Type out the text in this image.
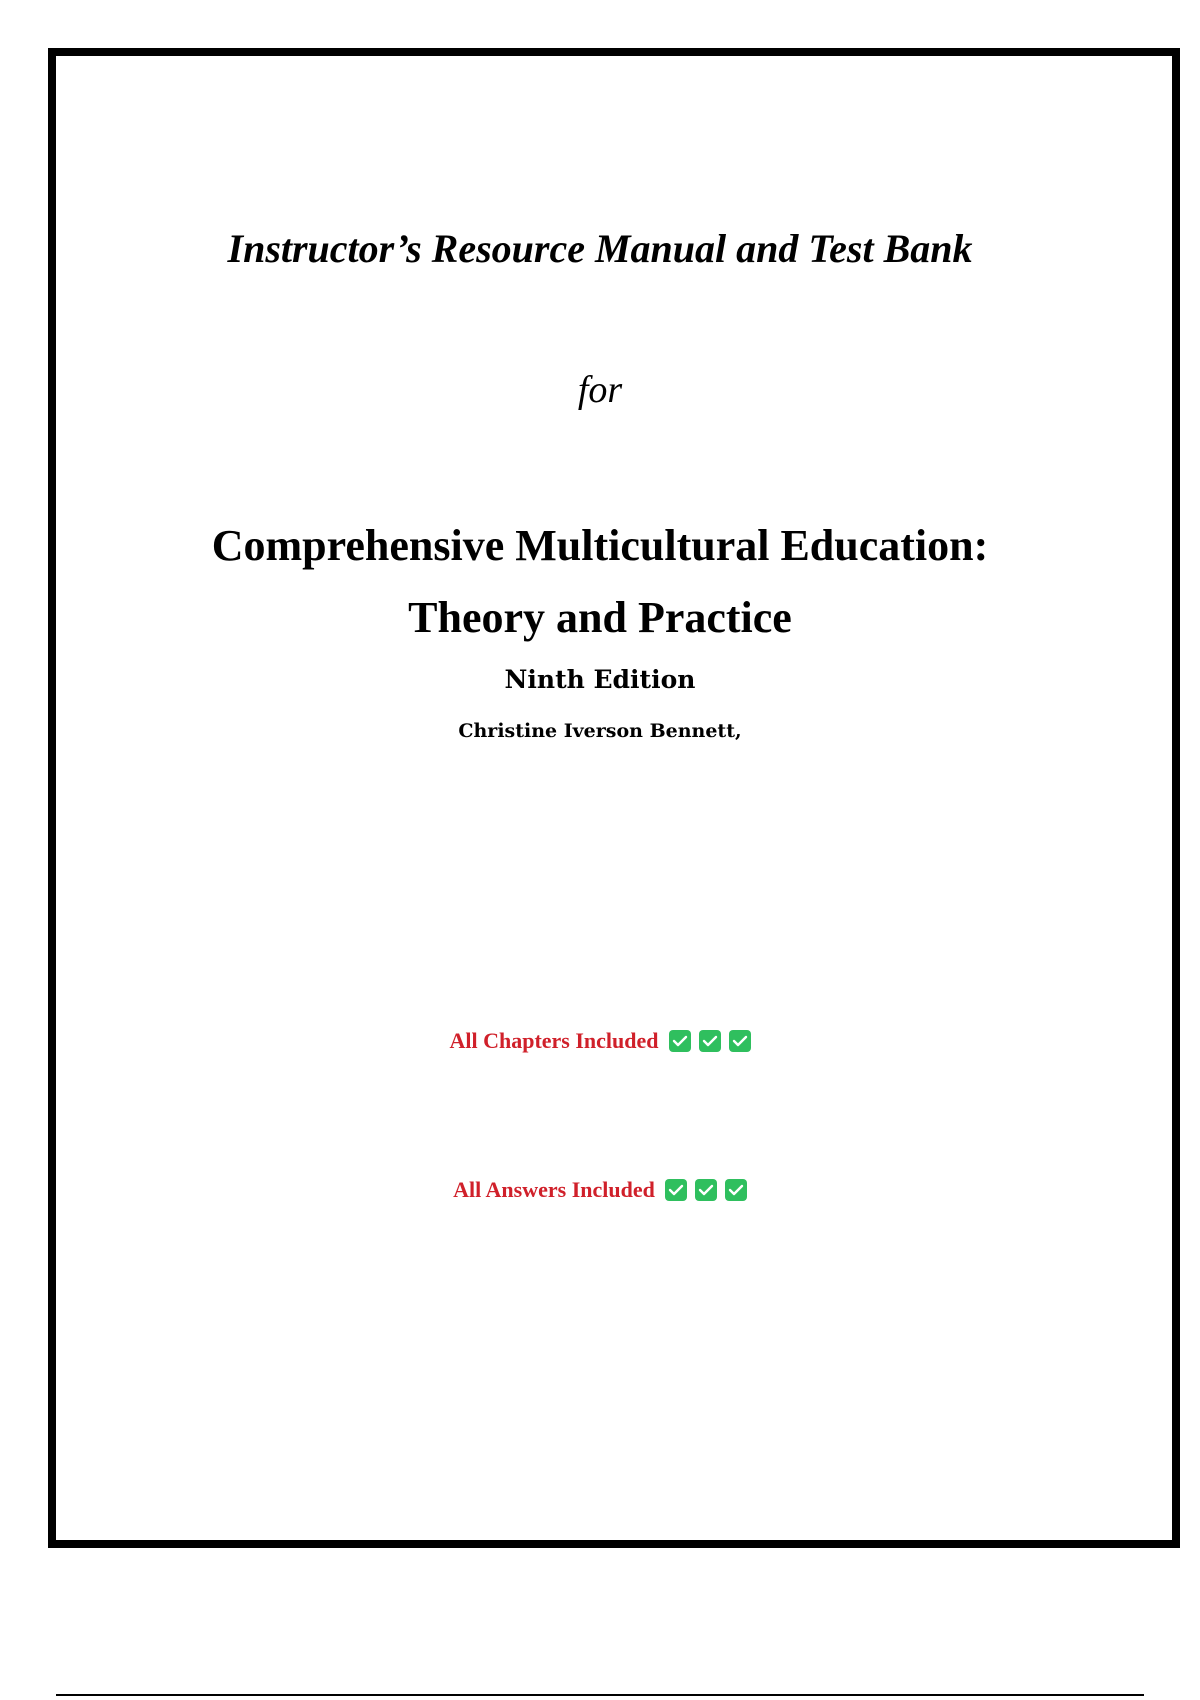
Instructor’s Resource Manual and Test Bank
for
Comprehensive Multicultural Education:
Theory and Practice
Ninth Edition
Christine Iverson Bennett,
All Chapters Included
All Answers Included
